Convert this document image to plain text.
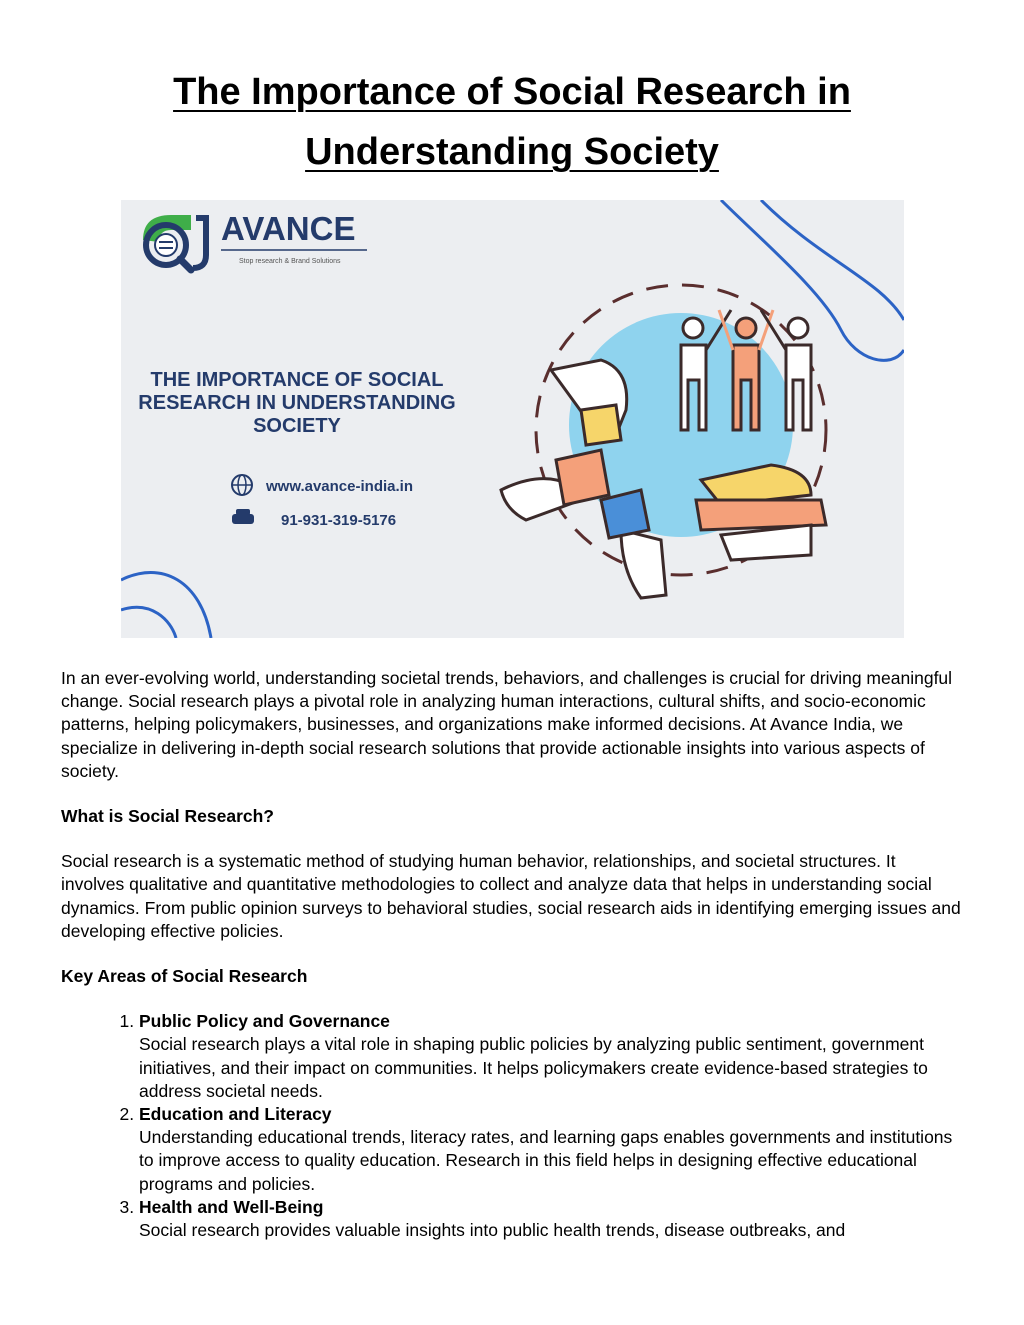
The Importance of Social Research in
Understanding Society
AVANCE
Stop research & Brand Solutions
THE IMPORTANCE OF SOCIAL
RESEARCH IN UNDERSTANDING
SOCIETY
www.avance-india.in
91-931-319-5176

In an ever-evolving world, understanding societal trends, behaviors, and challenges is crucial for driving meaningful change. Social research plays a pivotal role in analyzing human interactions, cultural shifts, and socio-economic patterns, helping policymakers, businesses, and organizations make informed decisions. At Avance India, we specialize in delivering in-depth social research solutions that provide actionable insights into various aspects of society.

What is Social Research?

Social research is a systematic method of studying human behavior, relationships, and societal structures. It involves qualitative and quantitative methodologies to collect and analyze data that helps in understanding social dynamics. From public opinion surveys to behavioral studies, social research aids in identifying emerging issues and developing effective policies.

Key Areas of Social Research

1. Public Policy and Governance
Social research plays a vital role in shaping public policies by analyzing public sentiment, government initiatives, and their impact on communities. It helps policymakers create evidence-based strategies to address societal needs.
2. Education and Literacy
Understanding educational trends, literacy rates, and learning gaps enables governments and institutions to improve access to quality education. Research in this field helps in designing effective educational programs and policies.
3. Health and Well-Being
Social research provides valuable insights into public health trends, disease outbreaks, and
